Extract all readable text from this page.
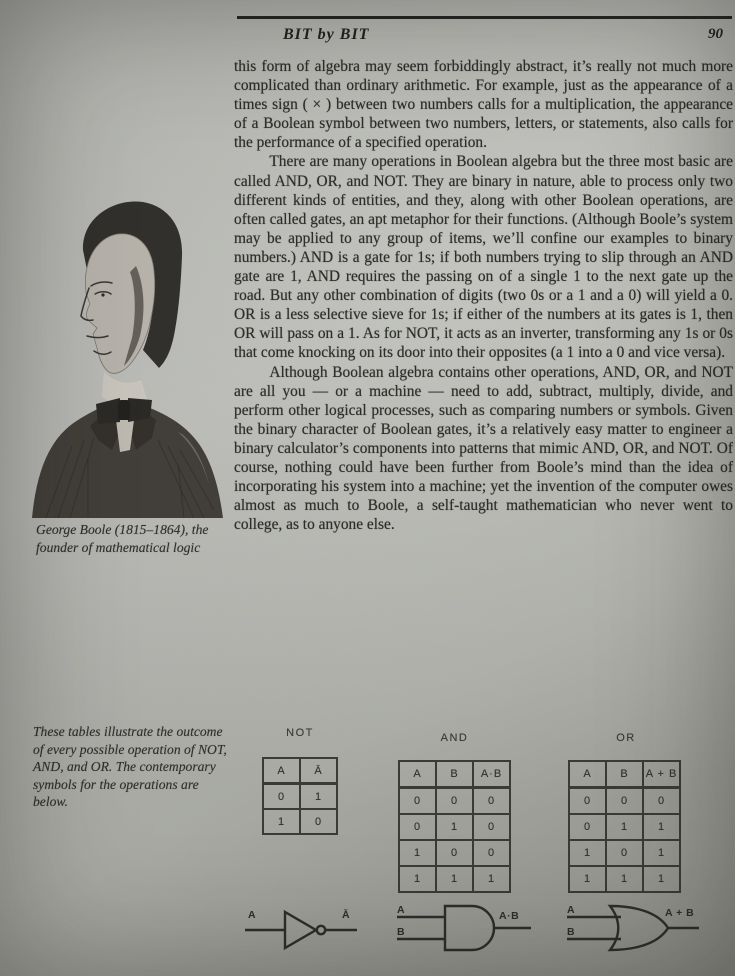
BIT by BIT	90

this form of algebra may seem forbiddingly abstract, it’s really not much more complicated than ordinary arithmetic. For example, just as the appearance of a times sign ( × ) between two numbers calls for a multiplication, the appearance of a Boolean symbol between two numbers, letters, or statements, also calls for the performance of a specified operation.

There are many operations in Boolean algebra but the three most basic are called AND, OR, and NOT. They are binary in nature, able to process only two different kinds of entities, and they, along with other Boolean operations, are often called gates, an apt metaphor for their functions. (Although Boole’s system may be applied to any group of items, we’ll confine our examples to binary numbers.) AND is a gate for 1s; if both numbers trying to slip through an AND gate are 1, AND requires the passing on of a single 1 to the next gate up the road. But any other combination of digits (two 0s or a 1 and a 0) will yield a 0. OR is a less selective sieve for 1s; if either of the numbers at its gates is 1, then OR will pass on a 1. As for NOT, it acts as an inverter, transforming any 1s or 0s that come knocking on its door into their opposites (a 1 into a 0 and vice versa).

Although Boolean algebra contains other operations, AND, OR, and NOT are all you — or a machine — need to add, subtract, multiply, divide, and perform other logical processes, such as comparing numbers or symbols. Given the binary character of Boolean gates, it’s a relatively easy matter to engineer a binary calculator’s components into patterns that mimic AND, OR, and NOT. Of course, nothing could have been further from Boole’s mind than the idea of incorporating his system into a machine; yet the invention of the computer owes almost as much to Boole, a self-taught mathematician who never went to college, as to anyone else.

George Boole (1815–1864), the founder of mathematical logic
These tables illustrate the outcome of every possible operation of NOT, AND, and OR. The contemporary symbols for the operations are below.
NOT	AND	OR
A	Ā
0	1
1	0
A	B	A·B
0	0	0
0	1	0
1	0	0
1	1	1
A	B	A + B
0	0	0
0	1	1
1	0	1
1	1	1
A	Ā	A
B
A·B	A
B
A + B
